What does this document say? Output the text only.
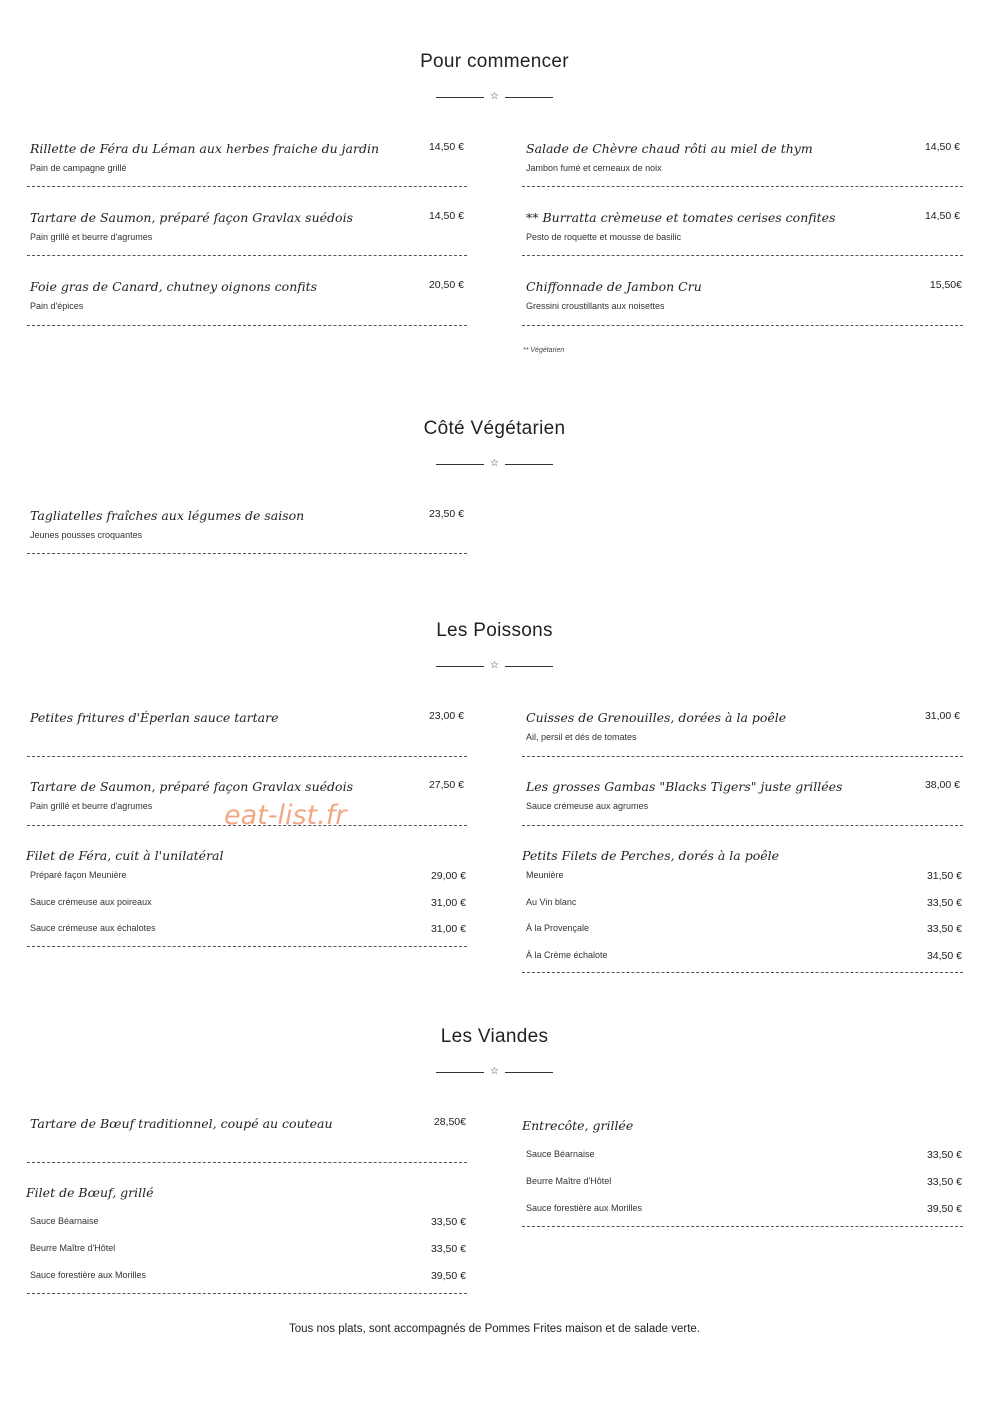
Pour commencer
☆
Rillette de Féra du Léman aux herbes fraiche du jardin	14,50 €
Pain de campagne grillé
Salade de Chèvre chaud rôti au miel de thym	14,50 €
Jambon fumé et cerneaux de noix
Tartare de Saumon, préparé façon Gravlax suédois	14,50 €
Pain grillé et beurre d'agrumes
** Burratta crèmeuse et tomates cerises confites	14,50 €
Pesto de roquette et mousse de basilic
Foie gras de Canard, chutney oignons confits	20,50 €
Pain d'épices
Chiffonnade de Jambon Cru	15,50€
Gressini croustillants aux noisettes
** Végétarien
Côté Végétarien
☆
Tagliatelles fraîches aux légumes de saison	23,50 €
Jeunes pousses croquantes
Les Poissons
☆
Petites fritures d'Éperlan sauce tartare	23,00 €	Cuisses de Grenouilles, dorées à la poêle	31,00 €
Ail, persil et dés de tomates
Tartare de Saumon, préparé façon Gravlax suédois	27,50 €
Pain grillé et beurre d'agrumes
Les grosses Gambas "Blacks Tigers" juste grillées	38,00 €
Sauce crémeuse aux agrumes
eat-list.fr
Filet de Féra, cuit à l'unilatéral
Préparé façon Meunière	29,00 €
Sauce crémeuse aux poireaux	31,00 €
Sauce crémeuse aux échalotes	31,00 €
Petits Filets de Perches, dorés à la poêle
Meunière	31,50 €
Au Vin blanc	33,50 €
À la Provençale	33,50 €
À la Crème échalote	34,50 €
Les Viandes
☆
Tartare de Bœuf traditionnel, coupé au couteau	28,50€	Entrecôte, grillée
Sauce Béarnaise	33,50 €
Beurre Maître d'Hôtel	33,50 €
Sauce forestière aux Morilles	39,50 €
Filet de Bœuf, grillé
Sauce Béarnaise	33,50 €
Beurre Maître d'Hôtel	33,50 €
Sauce forestière aux Morilles	39,50 €
Tous nos plats, sont accompagnés de Pommes Frites maison et de salade verte.
